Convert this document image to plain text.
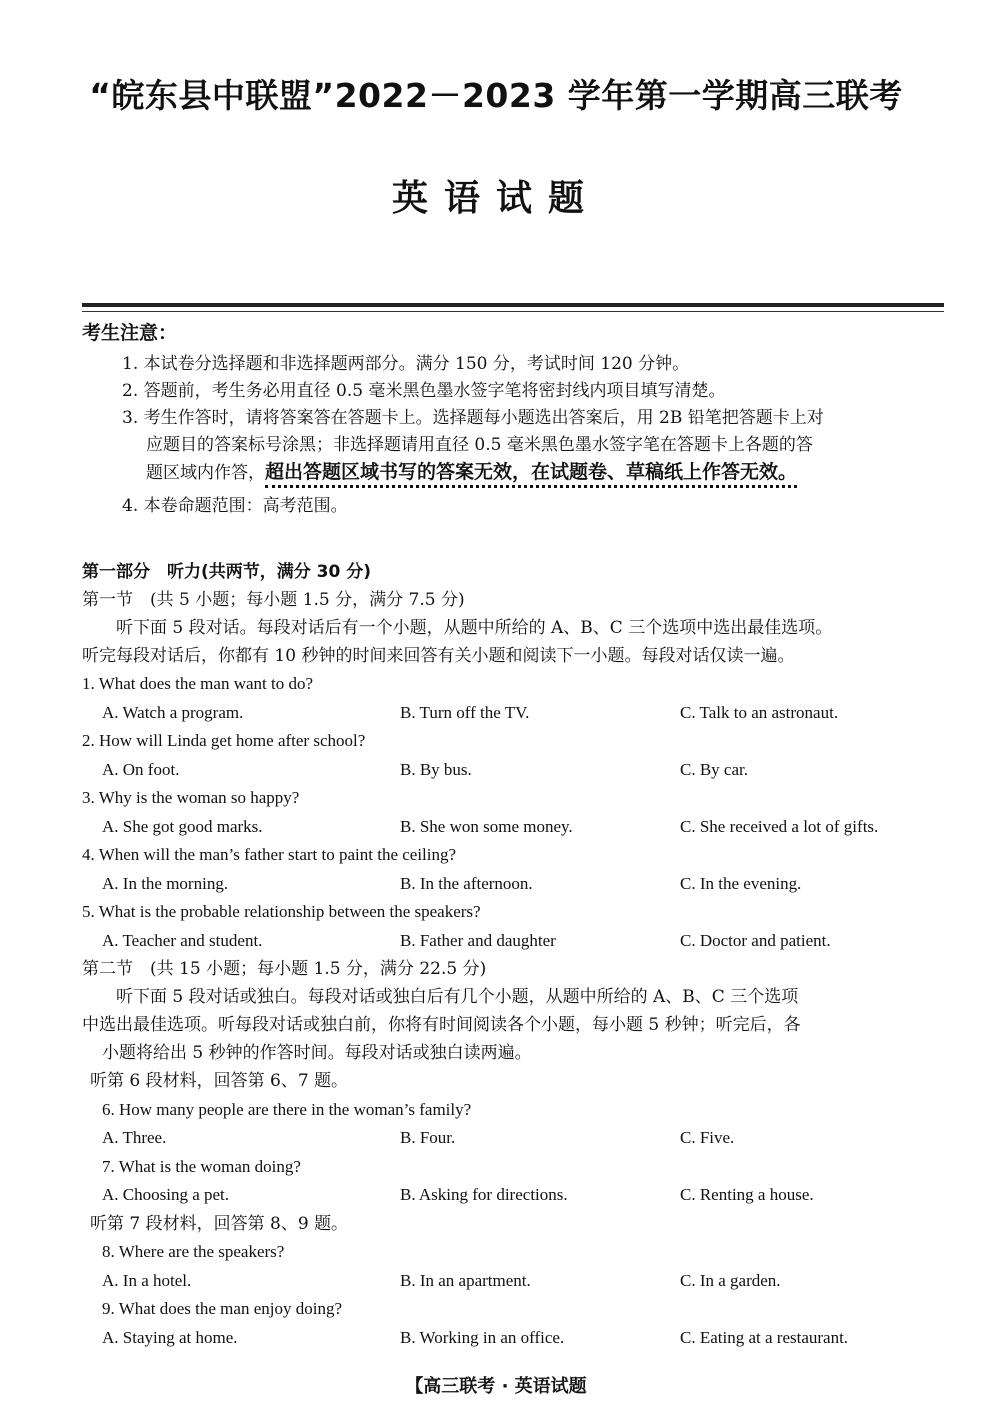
“皖东县中联盟”2022－2023 学年第一学期高三联考
英语试题
考生注意：
1. 本试卷分选择题和非选择题两部分。满分 150 分，考试时间 120 分钟。
2. 答题前，考生务必用直径 0.5 毫米黑色墨水签字笔将密封线内项目填写清楚。
3. 考生作答时，请将答案答在答题卡上。选择题每小题选出答案后，用 2B 铅笔把答题卡上对
应题目的答案标号涂黑；非选择题请用直径 0.5 毫米黑色墨水签字笔在答题卡上各题的答
题区域内作答，超出答题区域书写的答案无效，在试题卷、草稿纸上作答无效。
4. 本卷命题范围：高考范围。
第一部分　听力(共两节，满分 30 分)
第一节　(共 5 小题；每小题 1.5 分，满分 7.5 分)
听下面 5 段对话。每段对话后有一个小题，从题中所给的 A、B、C 三个选项中选出最佳选项。
听完每段对话后，你都有 10 秒钟的时间来回答有关小题和阅读下一小题。每段对话仅读一遍。
1. What does the man want to do?
A. Watch a program.	B. Turn off the TV.	C. Talk to an astronaut.
2. How will Linda get home after school?
A. On foot.	B. By bus.	C. By car.
3. Why is the woman so happy?
A. She got good marks.	B. She won some money.	C. She received a lot of gifts.
4. When will the man’s father start to paint the ceiling?
A. In the morning.	B. In the afternoon.	C. In the evening.
5. What is the probable relationship between the speakers?
A. Teacher and student.	B. Father and daughter	C. Doctor and patient.
第二节　(共 15 小题；每小题 1.5 分，满分 22.5 分)
听下面 5 段对话或独白。每段对话或独白后有几个小题，从题中所给的 A、B、C 三个选项
中选出最佳选项。听每段对话或独白前，你将有时间阅读各个小题，每小题 5 秒钟；听完后，各
小题将给出 5 秒钟的作答时间。每段对话或独白读两遍。
听第 6 段材料，回答第 6、7 题。
6. How many people are there in the woman’s family?
A. Three.	B. Four.	C. Five.
7. What is the woman doing?
A. Choosing a pet.	B. Asking for directions.	C. Renting a house.
听第 7 段材料，回答第 8、9 题。
8. Where are the speakers?
A. In a hotel.	B. In an apartment.	C. In a garden.
9. What does the man enjoy doing?
A. Staying at home.	B. Working in an office.	C. Eating at a restaurant.
【高三联考 · 英语试题
